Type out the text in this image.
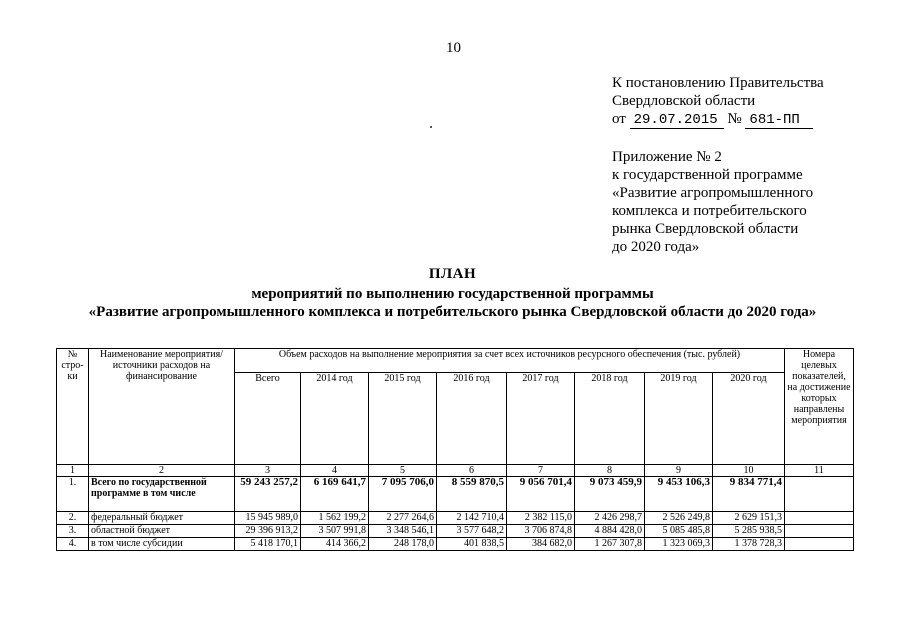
10
К постановлению Правительства
Свердловской области
от 29.07.2015 № 681-ПП
Приложение № 2
к государственной программе
«Развитие агропромышленного
комплекса и потребительского
рынка Свердловской области
до 2020 года»
ПЛАН
мероприятий по выполнению государственной программы
«Развитие агропромышленного комплекса и потребительского рынка Свердловской области до 2020 года»
№ стро-ки	Наименование мероприятия/ источники расходов на финансирование	Объем расходов на выполнение мероприятия за счет всех источников ресурсного обеспечения (тыс. рублей)								Номера целевых показателей, на достижение которых направлены мероприятия
		Всего	2014 год	2015 год	2016 год	2017 год	2018 год	2019 год	2020 год	
1	2	3	4	5	6	7	8	9	10	11
1.	Всего по государственной программе в том числе	59 243 257,2	6 169 641,7	7 095 706,0	8 559 870,5	9 056 701,4	9 073 459,9	9 453 106,3	9 834 771,4	
2.	федеральный бюджет	15 945 989,0	1 562 199,2	2 277 264,6	2 142 710,4	2 382 115,0	2 426 298,7	2 526 249,8	2 629 151,3	
3.	областной бюджет	29 396 913,2	3 507 991,8	3 348 546,1	3 577 648,2	3 706 874,8	4 884 428,0	5 085 485,8	5 285 938,5	
4.	в том числе субсидии	5 418 170,1	414 366,2	248 178,0	401 838,5	384 682,0	1 267 307,8	1 323 069,3	1 378 728,3	
